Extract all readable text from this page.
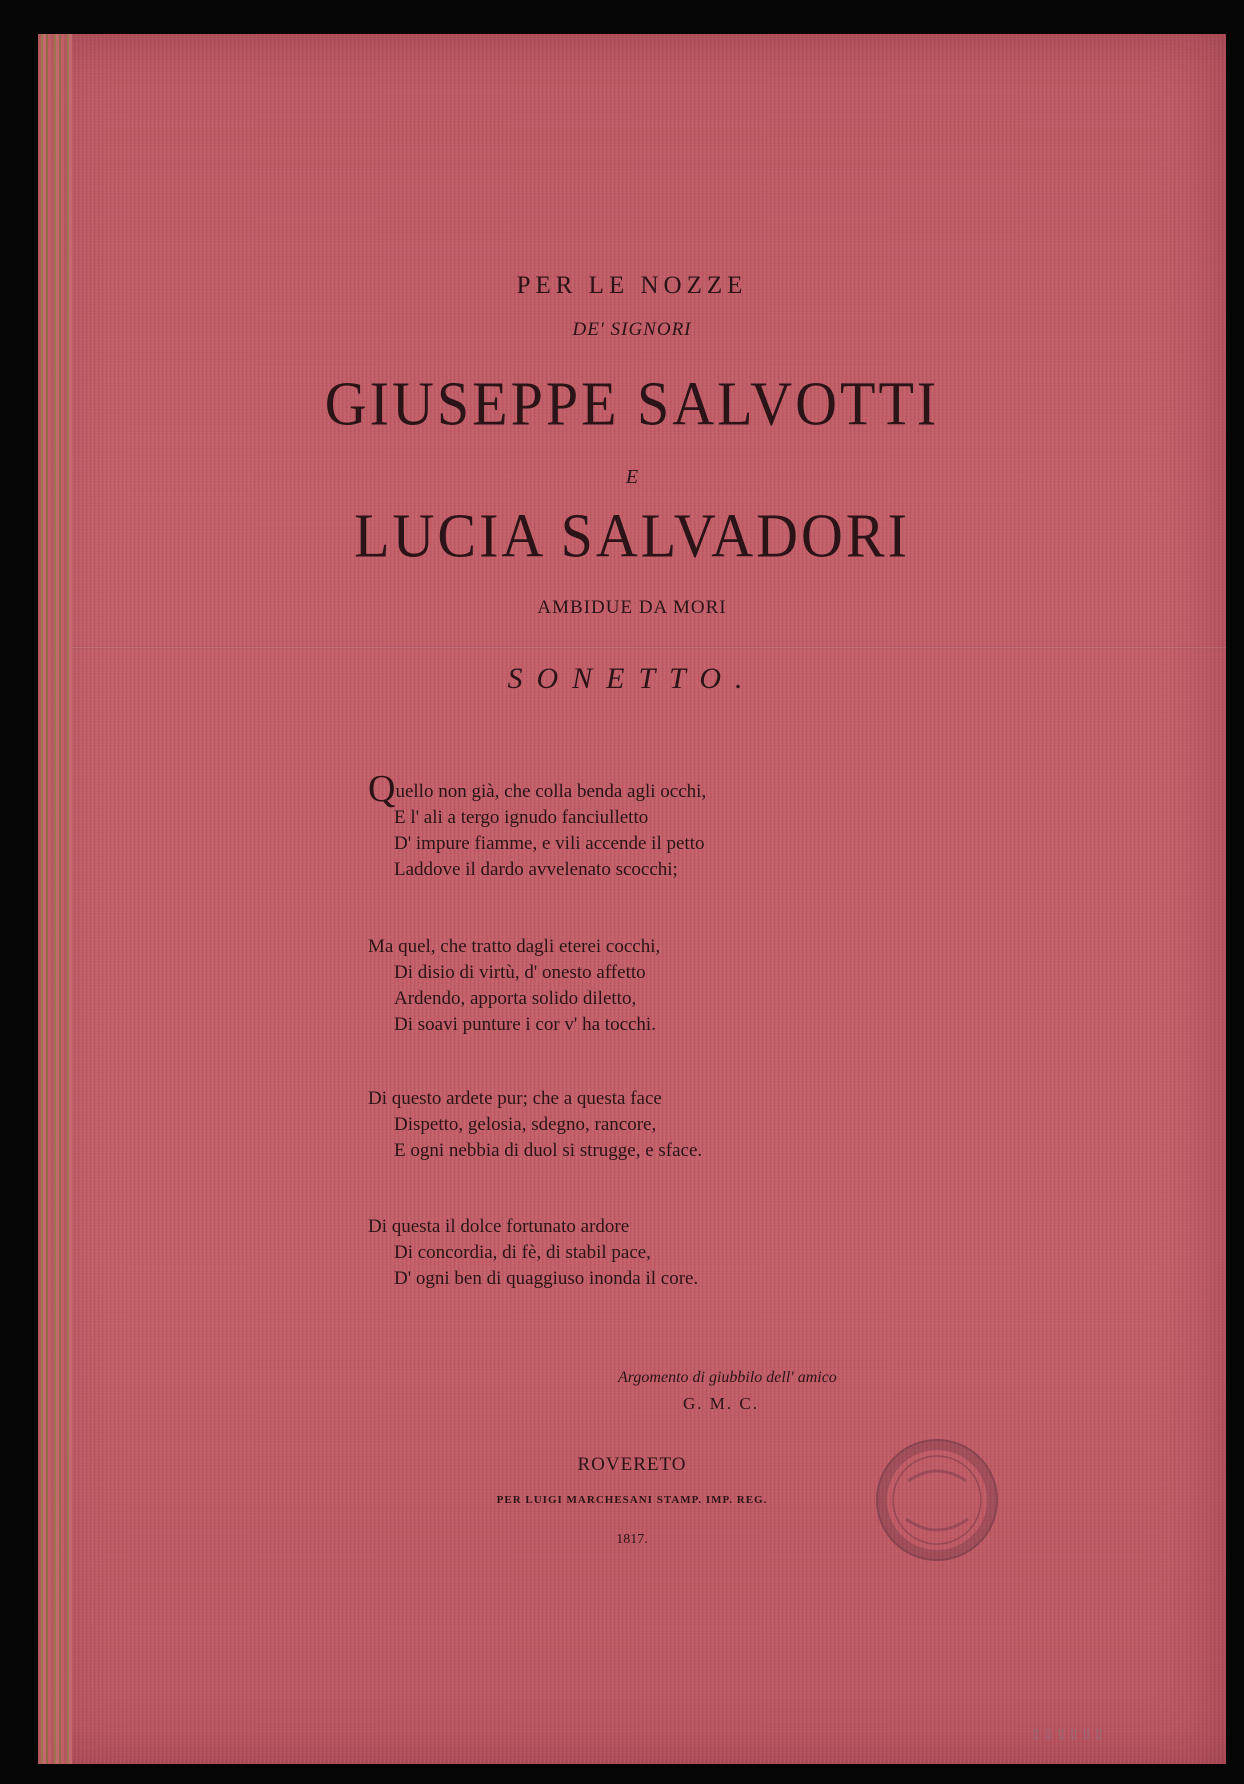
PER LE NOZZE
DE' SIGNORI
GIUSEPPE SALVOTTI
E
LUCIA SALVADORI
AMBIDUE DA MORI
SONETTO.
Quello non già, che colla benda agli occhi,
E l' ali a tergo ignudo fanciulletto
D' impure fiamme, e vili accende il petto
Laddove il dardo avvelenato scocchi;
Ma quel, che tratto dagli eterei cocchi,
Di disio di virtù, d' onesto affetto
Ardendo, apporta solido diletto,
Di soavi punture i cor v' ha tocchi.
Di questo ardete pur; che a questa face
Dispetto, gelosia, sdegno, rancore,
E ogni nebbia di duol si strugge, e sface.
Di questa il dolce fortunato ardore
Di concordia, di fè, di stabil pace,
D' ogni ben di quaggiuso inonda il core.
Argomento di giubbilo dell' amico
G. M. C.
ROVERETO
PER LUIGI MARCHESANI STAMP. IMP. REG.
1817.
▯▯▯▯▯▯
